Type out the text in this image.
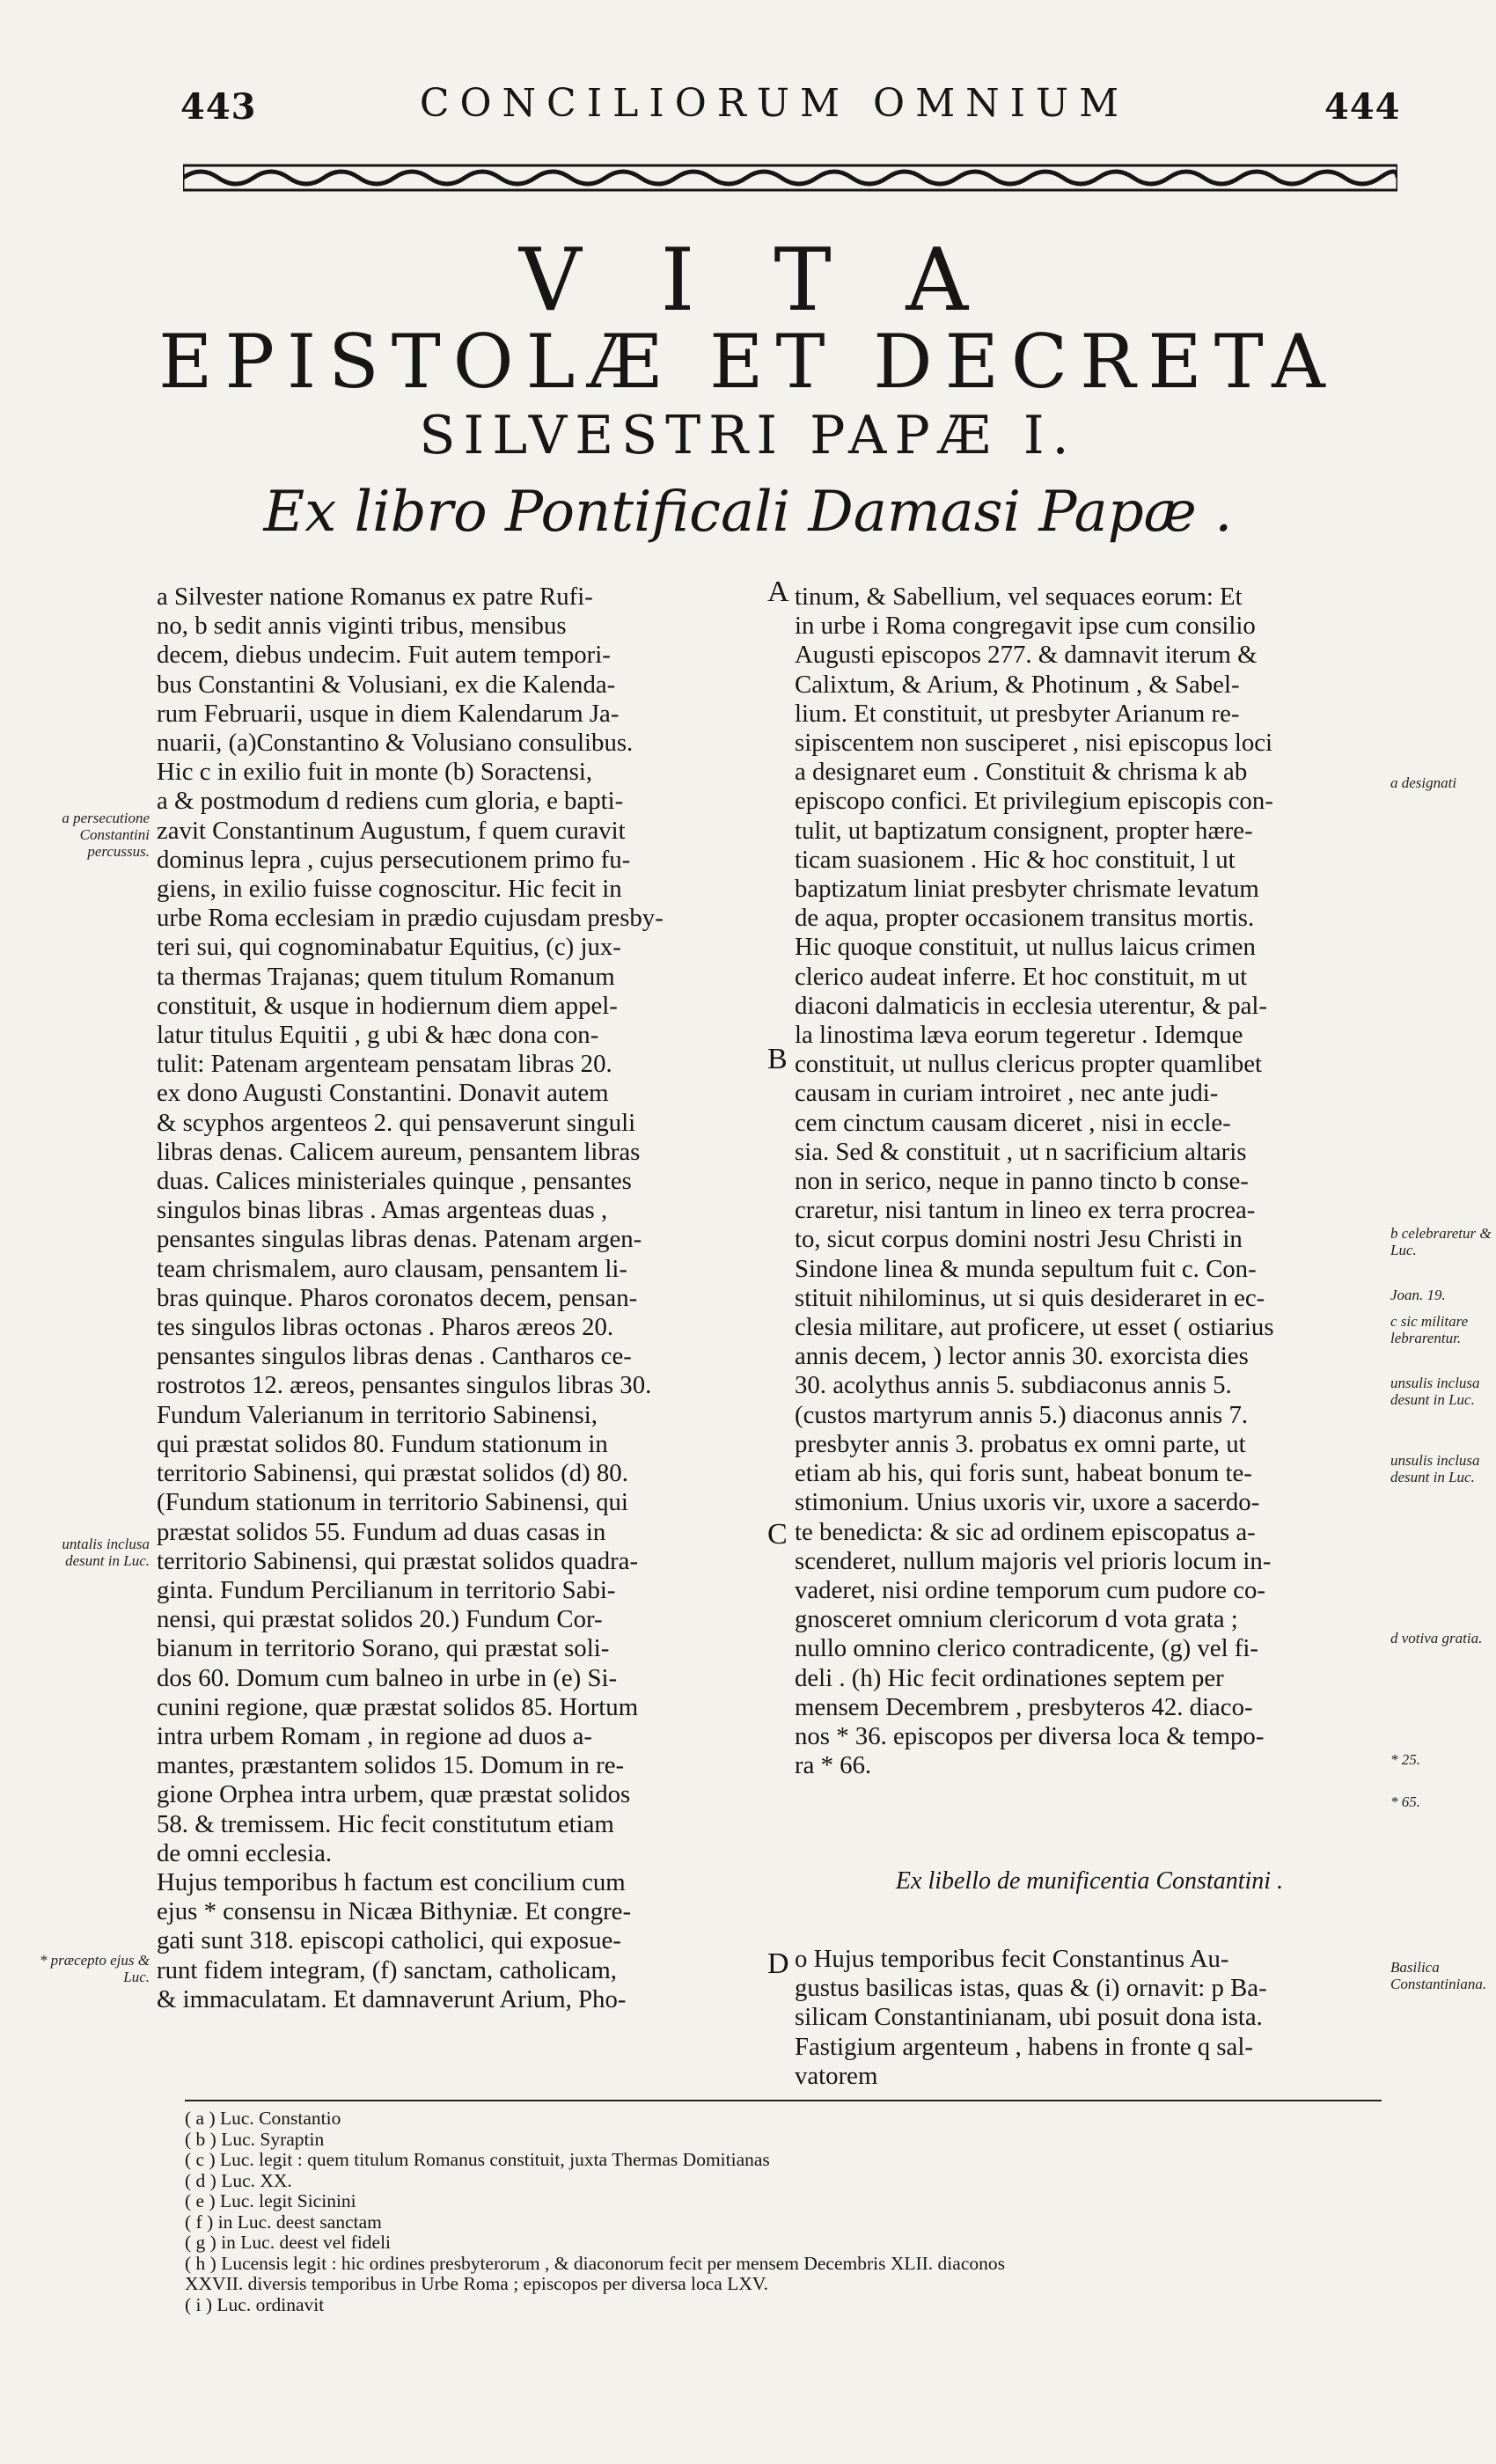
443	CONCILIORUM OMNIUM	444
VITA
EPISTOLÆ ET DECRETA
SILVESTRI PAPÆ I.
Ex libro Pontificali Damasi Papæ .
a Silvester natione Romanus ex patre Rufi-
no, b sedit annis viginti tribus, mensibus
decem, diebus undecim. Fuit autem tempori-
bus Constantini & Volusiani, ex die Kalenda-
rum Februarii, usque in diem Kalendarum Ja-
nuarii, (a)Constantino & Volusiano consulibus.
Hic c in exilio fuit in monte (b) Soractensi,
a & postmodum d rediens cum gloria, e bapti-
zavit Constantinum Augustum, f quem curavit
dominus lepra , cujus persecutionem primo fu-
giens, in exilio fuisse cognoscitur. Hic fecit in
urbe Roma ecclesiam in prædio cujusdam presby-
teri sui, qui cognominabatur Equitius, (c) jux-
ta thermas Trajanas; quem titulum Romanum
constituit, & usque in hodiernum diem appel-
latur titulus Equitii , g ubi & hæc dona con-
tulit: Patenam argenteam pensatam libras 20.
ex dono Augusti Constantini. Donavit autem
& scyphos argenteos 2. qui pensaverunt singuli
libras denas. Calicem aureum, pensantem libras
duas. Calices ministeriales quinque , pensantes
singulos binas libras . Amas argenteas duas ,
pensantes singulas libras denas. Patenam argen-
team chrismalem, auro clausam, pensantem li-
bras quinque. Pharos coronatos decem, pensan-
tes singulos libras octonas . Pharos æreos 20.
pensantes singulos libras denas . Cantharos ce-
rostrotos 12. æreos, pensantes singulos libras 30.
Fundum Valerianum in territorio Sabinensi,
qui præstat solidos 80. Fundum stationum in
territorio Sabinensi, qui præstat solidos (d) 80.
(Fundum stationum in territorio Sabinensi, qui
præstat solidos 55. Fundum ad duas casas in
territorio Sabinensi, qui præstat solidos quadra-
ginta. Fundum Percilianum in territorio Sabi-
nensi, qui præstat solidos 20.) Fundum Cor-
bianum in territorio Sorano, qui præstat soli-
dos 60. Domum cum balneo in urbe in (e) Si-
cunini regione, quæ præstat solidos 85. Hortum
intra urbem Romam , in regione ad duos a-
mantes, præstantem solidos 15. Domum in re-
gione Orphea intra urbem, quæ præstat solidos
58. & tremissem. Hic fecit constitutum etiam
de omni ecclesia.
Hujus temporibus h factum est concilium cum
ejus * consensu in Nicæa Bithyniæ. Et congre-
gati sunt 318. episcopi catholici, qui exposue-
runt fidem integram, (f) sanctam, catholicam,
& immaculatam. Et damnaverunt Arium, Pho-
tinum, & Sabellium, vel sequaces eorum: Et
in urbe i Roma congregavit ipse cum consilio
Augusti episcopos 277. & damnavit iterum &
Calixtum, & Arium, & Photinum , & Sabel-
lium. Et constituit, ut presbyter Arianum re-
sipiscentem non susciperet , nisi episcopus loci
a designaret eum . Constituit & chrisma k ab
episcopo confici. Et privilegium episcopis con-
tulit, ut baptizatum consignent, propter hære-
ticam suasionem . Hic & hoc constituit, l ut
baptizatum liniat presbyter chrismate levatum
de aqua, propter occasionem transitus mortis.
Hic quoque constituit, ut nullus laicus crimen
clerico audeat inferre. Et hoc constituit, m ut
diaconi dalmaticis in ecclesia uterentur, & pal-
la linostima læva eorum tegeretur . Idemque
constituit, ut nullus clericus propter quamlibet
causam in curiam introiret , nec ante judi-
cem cinctum causam diceret , nisi in eccle-
sia. Sed & constituit , ut n sacrificium altaris
non in serico, neque in panno tincto b conse-
craretur, nisi tantum in lineo ex terra procrea-
to, sicut corpus domini nostri Jesu Christi in
Sindone linea & munda sepultum fuit c. Con-
stituit nihilominus, ut si quis desideraret in ec-
clesia militare, aut proficere, ut esset ( ostiarius
annis decem, ) lector annis 30. exorcista dies
30. acolythus annis 5. subdiaconus annis 5.
(custos martyrum annis 5.) diaconus annis 7.
presbyter annis 3. probatus ex omni parte, ut
etiam ab his, qui foris sunt, habeat bonum te-
stimonium. Unius uxoris vir, uxore a sacerdo-
te benedicta: & sic ad ordinem episcopatus a-
scenderet, nullum majoris vel prioris locum in-
vaderet, nisi ordine temporum cum pudore co-
gnosceret omnium clericorum d vota grata ;
nullo omnino clerico contradicente, (g) vel fi-
deli . (h) Hic fecit ordinationes septem per
mensem Decembrem , presbyteros 42. diaco-
nos * 36. episcopos per diversa loca & tempo-
ra * 66.
A
B
C
D
a persecutione Constantini percussus.
untalis inclusa desunt in Luc.
* præcepto ejus & Luc.
a designati
b celebraretur & Luc.
Joan. 19.
c sic militare lebrarentur.
unsulis inclusa desunt in Luc.
unsulis inclusa desunt in Luc.
d votiva gratia.
* 25.
* 65.
Basilica Constantiniana.
Ex libello de munificentia Constantini .
o Hujus temporibus fecit Constantinus Au-
gustus basilicas istas, quas & (i) ornavit: p Ba-
silicam Constantinianam, ubi posuit dona ista.
Fastigium argenteum , habens in fronte q sal-
vatorem
( a ) Luc. Constantio
( b ) Luc. Syraptin
( c ) Luc. legit : quem titulum Romanus constituit, juxta Thermas Domitianas
( d ) Luc. XX.
( e ) Luc. legit Sicinini
( f ) in Luc. deest sanctam
( g ) in Luc. deest vel fideli
( h ) Lucensis legit : hic ordines presbyterorum , & diaconorum fecit per mensem Decembris XLII. diaconos
XXVII. diversis temporibus in Urbe Roma ; episcopos per diversa loca LXV.
( i ) Luc. ordinavit
